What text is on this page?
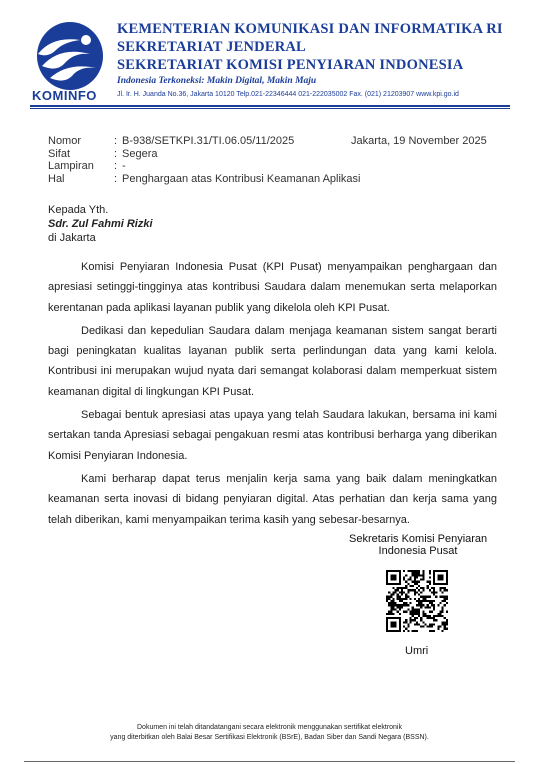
KOMINFO
KEMENTERIAN KOMUNIKASI DAN INFORMATIKA RI
SEKRETARIAT JENDERAL
SEKRETARIAT KOMISI PENYIARAN INDONESIA
Indonesia Terkoneksi: Makin Digital, Makin Maju
Jl. Ir. H. Juanda No.36, Jakarta 10120 Telp.021-22346444 021-222035002 Fax. (021) 21203907 www.kpi.go.id
Nomor	: B-938/SETKPI.31/TI.06.05/11/2025
Sifat	: Segera
Lampiran : -
Hal	: Penghargaan atas Kontribusi Keamanan Aplikasi
Jakarta, 19 November 2025
Kepada Yth.
Sdr. Zul Fahmi Rizki
di Jakarta

Komisi Penyiaran Indonesia Pusat (KPI Pusat) menyampaikan penghargaan dan apresiasi setinggi-tingginya atas kontribusi Saudara dalam menemukan serta melaporkan kerentanan pada aplikasi layanan publik yang dikelola oleh KPI Pusat.

Dedikasi dan kepedulian Saudara dalam menjaga keamanan sistem sangat berarti bagi peningkatan kualitas layanan publik serta perlindungan data yang kami kelola. Kontribusi ini merupakan wujud nyata dari semangat kolaborasi dalam memperkuat sistem keamanan digital di lingkungan KPI Pusat.

Sebagai bentuk apresiasi atas upaya yang telah Saudara lakukan, bersama ini kami sertakan tanda Apresiasi sebagai pengakuan resmi atas kontribusi berharga yang diberikan Komisi Penyiaran Indonesia.

Kami berharap dapat terus menjalin kerja sama yang baik dalam meningkatkan keamanan serta inovasi di bidang penyiaran digital. Atas perhatian dan kerja sama yang telah diberikan, kami menyampaikan terima kasih yang sebesar-besarnya.

Sekretaris Komisi Penyiaran
Indonesia Pusat
Umri
Dokumen ini telah ditandatangani secara elektronik menggunakan sertifikat elektronik
yang diterbitkan oleh Balai Besar Sertifikasi Elektronik (BSrE), Badan Siber dan Sandi Negara (BSSN).
